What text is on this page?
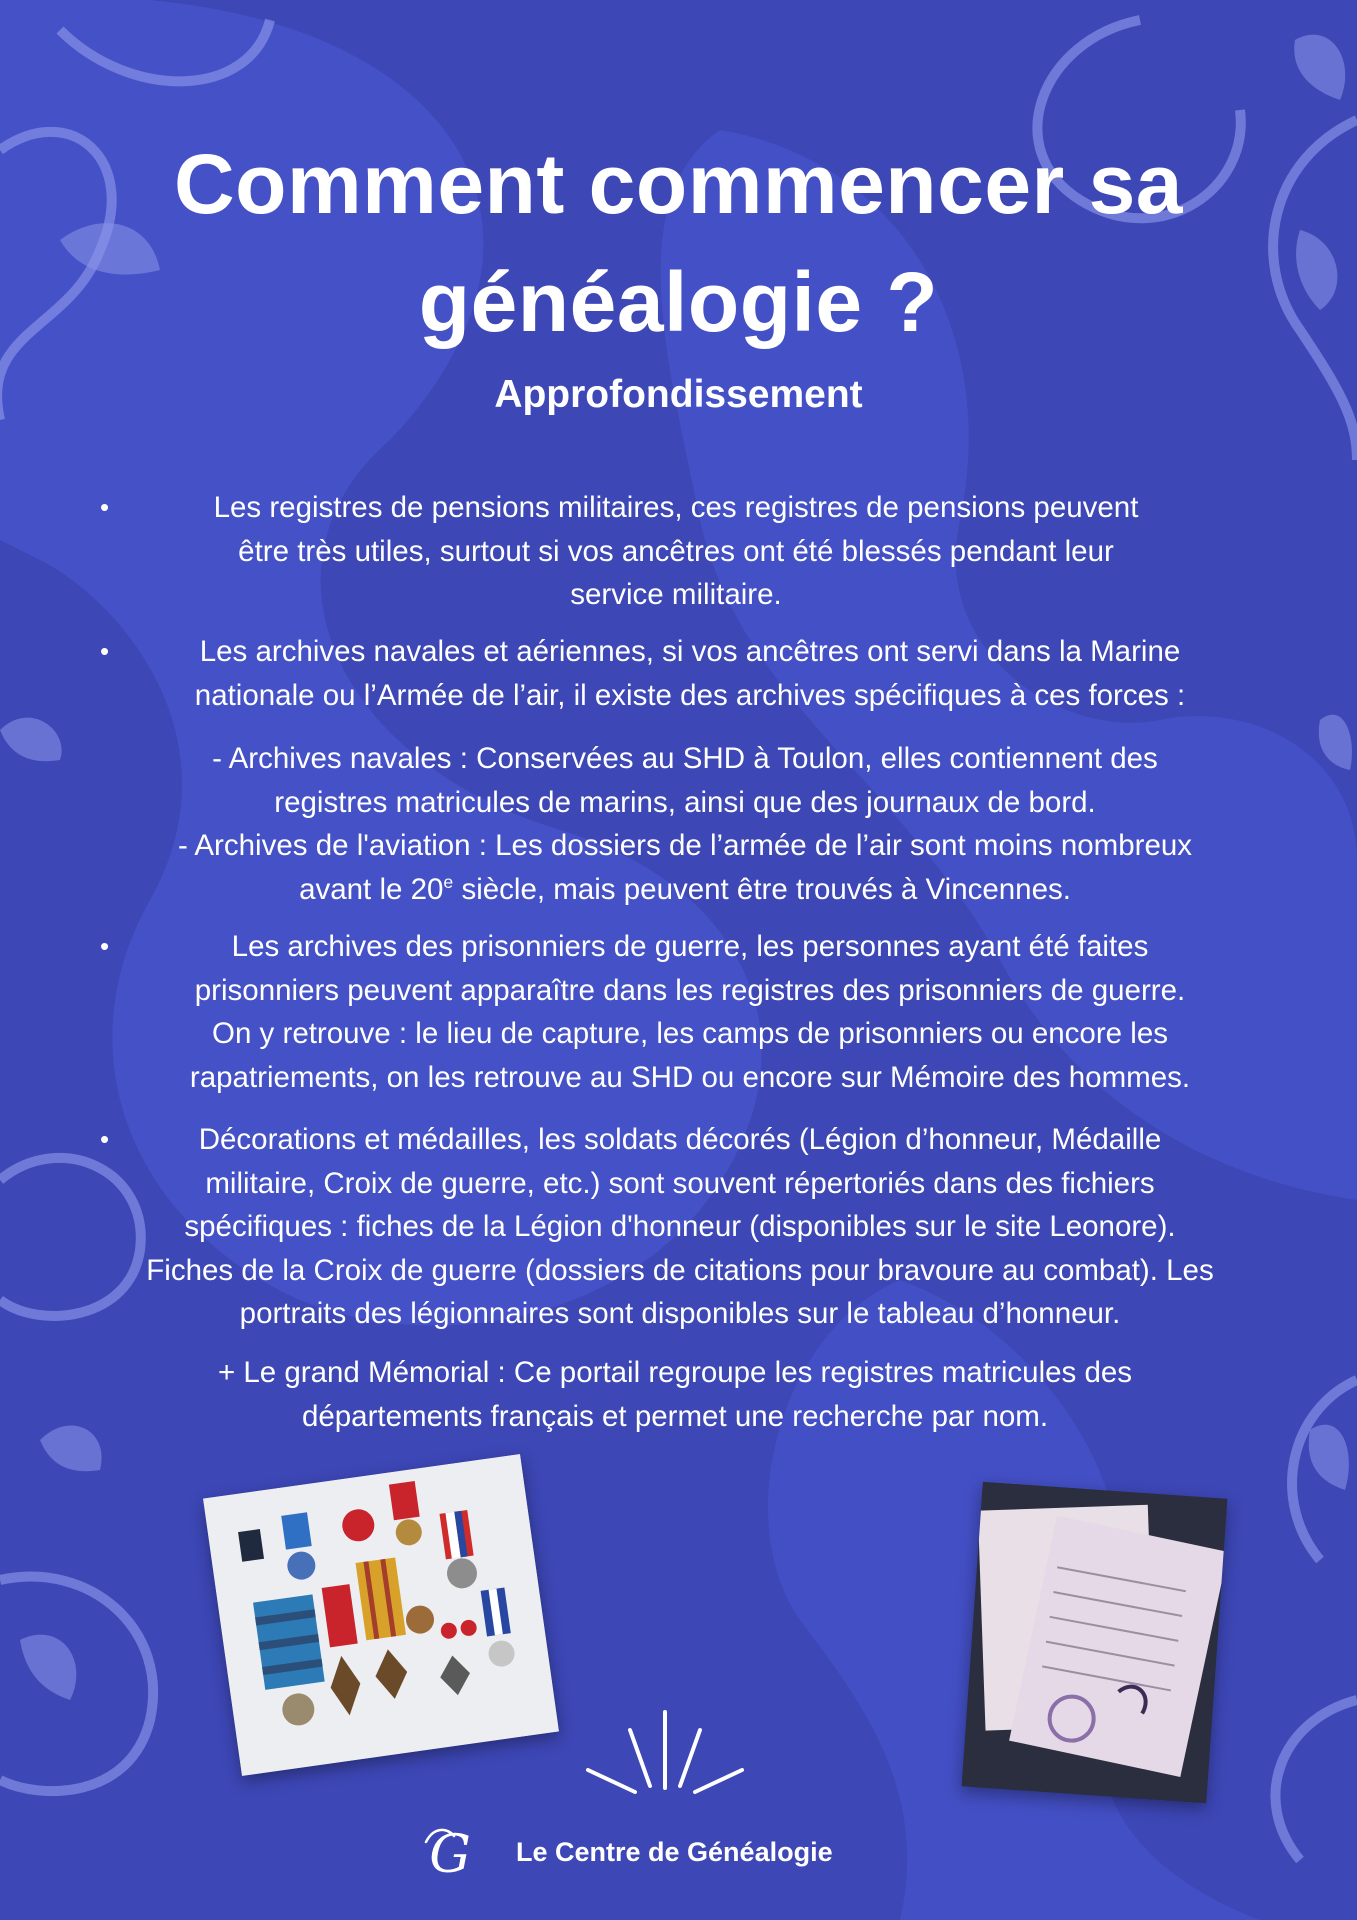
Comment commencer sa
généalogie ?
Approfondissement
•	Les registres de pensions militaires, ces registres de pensions peuvent
être très utiles, surtout si vos ancêtres ont été blessés pendant leur
service militaire.

•	Les archives navales et aériennes, si vos ancêtres ont servi dans la Marine
nationale ou l’Armée de l’air, il existe des archives spécifiques à ces forces :

- Archives navales : Conservées au SHD à Toulon, elles contiennent des
registres matricules de marins, ainsi que des journaux de bord.
- Archives de l'aviation : Les dossiers de l’armée de l’air sont moins nombreux
avant le 20e siècle, mais peuvent être trouvés à Vincennes.

•	Les archives des prisonniers de guerre, les personnes ayant été faites
prisonniers peuvent apparaître dans les registres des prisonniers de guerre.
On y retrouve : le lieu de capture, les camps de prisonniers ou encore les
rapatriements, on les retrouve au SHD ou encore sur Mémoire des hommes.

•	Décorations et médailles, les soldats décorés (Légion d’honneur, Médaille
militaire, Croix de guerre, etc.) sont souvent répertoriés dans des fichiers
spécifiques : fiches de la Légion d'honneur (disponibles sur le site Leonore).
Fiches de la Croix de guerre (dossiers de citations pour bravoure au combat). Les
portraits des légionnaires sont disponibles sur le tableau d’honneur.

+ Le grand Mémorial : Ce portail regroupe les registres matricules des
départements français et permet une recherche par nom.

G Le Centre de Généalogie
